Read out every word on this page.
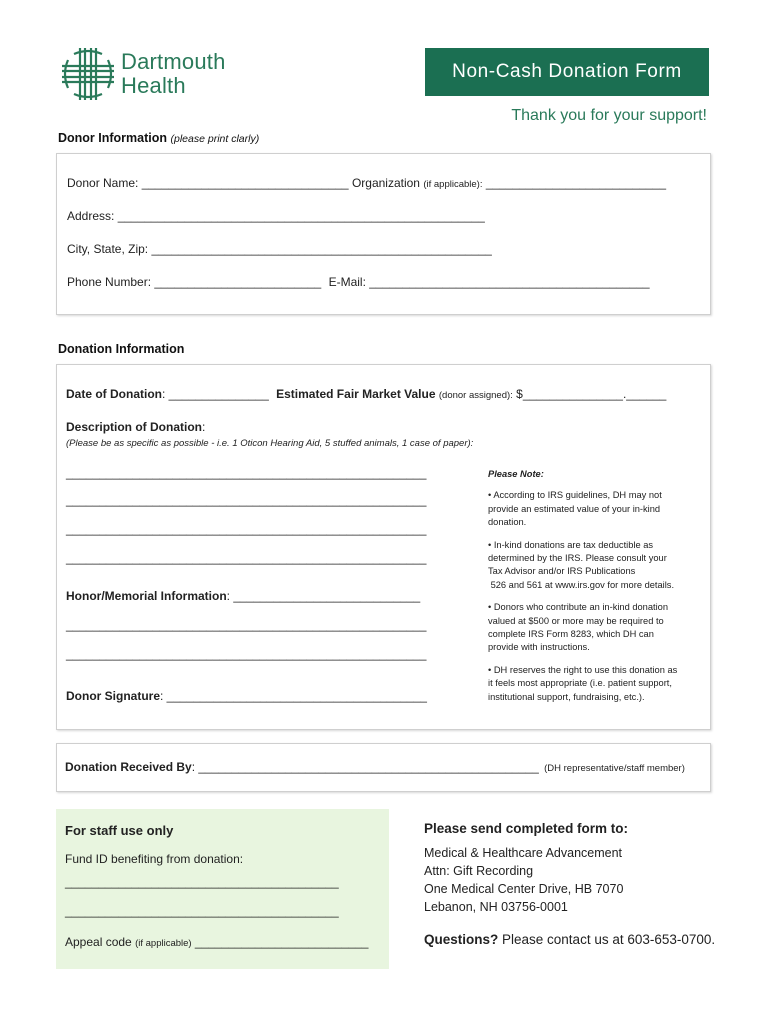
Dartmouth
Health
Non-Cash Donation Form
Thank you for your support!
Donor Information (please print clarly)
Donor Name: _______________________________ Organization (if applicable): ___________________________
Address: _______________________________________________________
City, State, Zip: ___________________________________________________
Phone Number: _________________________ E-Mail: __________________________________________
Donation Information
Date of Donation: _______________ Estimated Fair Market Value (donor assigned): $_______________.______
Description of Donation:
(Please be as specific as possible - i.e. 1 Oticon Hearing Aid, 5 stuffed animals, 1 case of paper):
______________________________________________________
______________________________________________________
______________________________________________________
______________________________________________________
Honor/Memorial Information: ____________________________
______________________________________________________
______________________________________________________
Donor Signature: _______________________________________
Please Note:
• According to IRS guidelines, DH may not
provide an estimated value of your in-kind
donation.
• In-kind donations are tax deductible as
determined by the IRS. Please consult your
Tax Advisor and/or IRS Publications
526 and 561 at www.irs.gov for more details.
• Donors who contribute an in-kind donation
valued at $500 or more may be required to
complete IRS Form 8283, which DH can
provide with instructions.
• DH reserves the right to use this donation as
it feels most appropriate (i.e. patient support,
institutional support, fundraising, etc.).
Donation Received By: ___________________________________________________ (DH representative/staff member)
For staff use only
Fund ID benefiting from donation:
_________________________________________
_________________________________________
Appeal code (if applicable) __________________________
Please send completed form to:
Medical & Healthcare Advancement
Attn: Gift Recording
One Medical Center Drive, HB 7070
Lebanon, NH 03756-0001
Questions? Please contact us at 603-653-0700.
